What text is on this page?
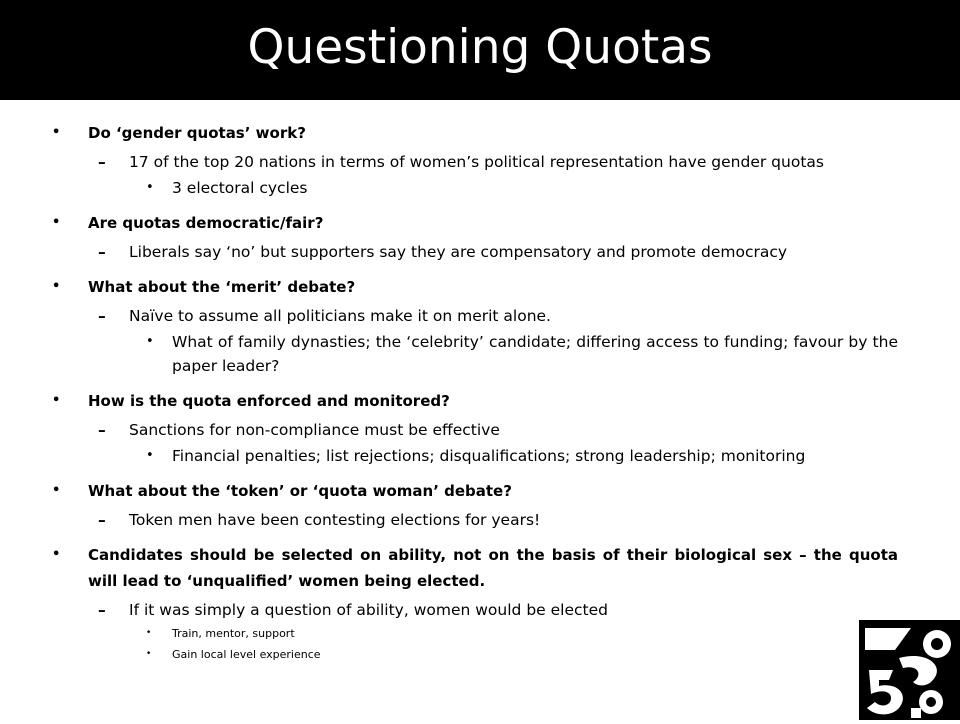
Questioning Quotas
• Do ‘gender quotas’ work?
– 17 of the top 20 nations in terms of women’s political representation have gender quotas
• 3 electoral cycles
• Are quotas democratic/fair?
– Liberals say ‘no’ but supporters say they are compensatory and promote democracy
• What about the ‘merit’ debate?
– Naïve to assume all politicians make it on merit alone.
• What of family dynasties; the ‘celebrity’ candidate; differing access to funding; favour by the paper leader?
• How is the quota enforced and monitored?
– Sanctions for non-compliance must be effective
• Financial penalties; list rejections; disqualifications; strong leadership; monitoring
• What about the ‘token’ or ‘quota woman’ debate?
– Token men have been contesting elections for years!
• Candidates should be selected on ability, not on the basis of their biological sex – the quota will lead to ‘unqualified’ women being elected.
– If it was simply a question of ability, women would be elected
• Train, mentor, support
• Gain local level experience
